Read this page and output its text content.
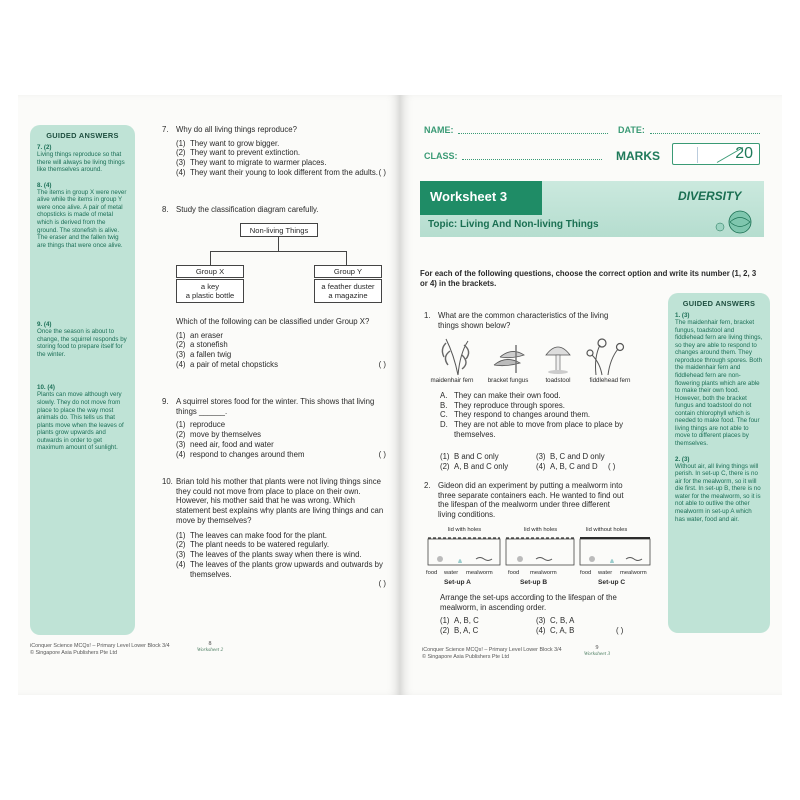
GUIDED ANSWERS
7. (2)
Living things reproduce so that there will always be living things like themselves around.
8. (4)
The items in group X were never alive while the items in group Y were once alive. A pair of metal chopsticks is made of metal which is derived from the ground. The stonefish is alive. The eraser and the fallen twig are things that were once alive.
9. (4)
Once the season is about to change, the squirrel responds by storing food to prepare itself for the winter.
10. (4)
Plants can move although very slowly. They do not move from place to place the way most animals do. This tells us that plants move when the leaves of plants grow upwards and outwards in order to get maximum amount of sunlight.
7. Why do all living things reproduce?
(1) They want to grow bigger.
(2) They want to prevent extinction.
(3) They want to migrate to warmer places.
(4) They want their young to look different from the adults. ( )
8. Study the classification diagram carefully.
Non-living Things
Group X
a key
a plastic bottle
Group Y
a feather duster
a magazine
Which of the following can be classified under Group X?
(1) an eraser
(2) a stonefish
(3) a fallen twig
(4) a pair of metal chopsticks	( )
9. A squirrel stores food for the winter. This shows that living things ______.
(1) reproduce
(2) move by themselves
(3) need air, food and water
(4) respond to changes around them	( )
10. Brian told his mother that plants were not living things since they could not move from place to place on their own. However, his mother said that he was wrong. Which statement best explains why plants are living things and can move by themselves?
(1) The leaves can make food for the plant.
(2) The plant needs to be watered regularly.
(3) The leaves of the plants sway when there is wind.
(4) The leaves of the plants grow upwards and outwards by themselves.
( )
iConquer Science MCQs! – Primary Level Lower Block 3/4
© Singapore Asia Publishers Pte Ltd
8
Worksheet 2
NAME:	DATE:
CLASS:	MARKS	20
Worksheet 3
Topic: Living And Non-living Things
DIVERSITY
For each of the following questions, choose the correct option and write its number (1, 2, 3 or 4) in the brackets.
1. What are the common characteristics of the living things shown below?
maidenhair fern	bracket fungus	toadstool	fiddlehead fern
A. They can make their own food.
B. They reproduce through spores.
C. They respond to changes around them.
D. They are not able to move from place to place by themselves.
(1) B and C only	(3) B, C and D only
(2) A, B and C only	(4) A, B, C and D ( )
2. Gideon did an experiment by putting a mealworm into three separate containers each. He wanted to find out the lifespan of the mealworm under three different living conditions.
lid with holes	lid with holes	lid without holes
food water mealworm	food mealworm	food water mealworm
Set-up A	Set-up B	Set-up C
Arrange the set-ups according to the lifespan of the mealworm, in ascending order.
(1) A, B, C	(3) C, B, A
(2) B, A, C	(4) C, A, B	( )
GUIDED ANSWERS
1. (3)
The maidenhair fern, bracket fungus, toadstool and fiddlehead fern are living things, so they are able to respond to changes around them. They reproduce through spores. Both the maidenhair fern and fiddlehead fern are non-flowering plants which are able to make their own food. However, both the bracket fungus and toadstool do not contain chlorophyll which is needed to make food. The four living things are not able to move to different places by themselves.
2. (3)
Without air, all living things will perish. In set-up C, there is no air for the mealworm, so it will die first. In set-up B, there is no water for the mealworm, so it is not able to outlive the other mealworm in set-up A which has water, food and air.
iConquer Science MCQs! – Primary Level Lower Block 3/4
© Singapore Asia Publishers Pte Ltd
9
Worksheet 3
